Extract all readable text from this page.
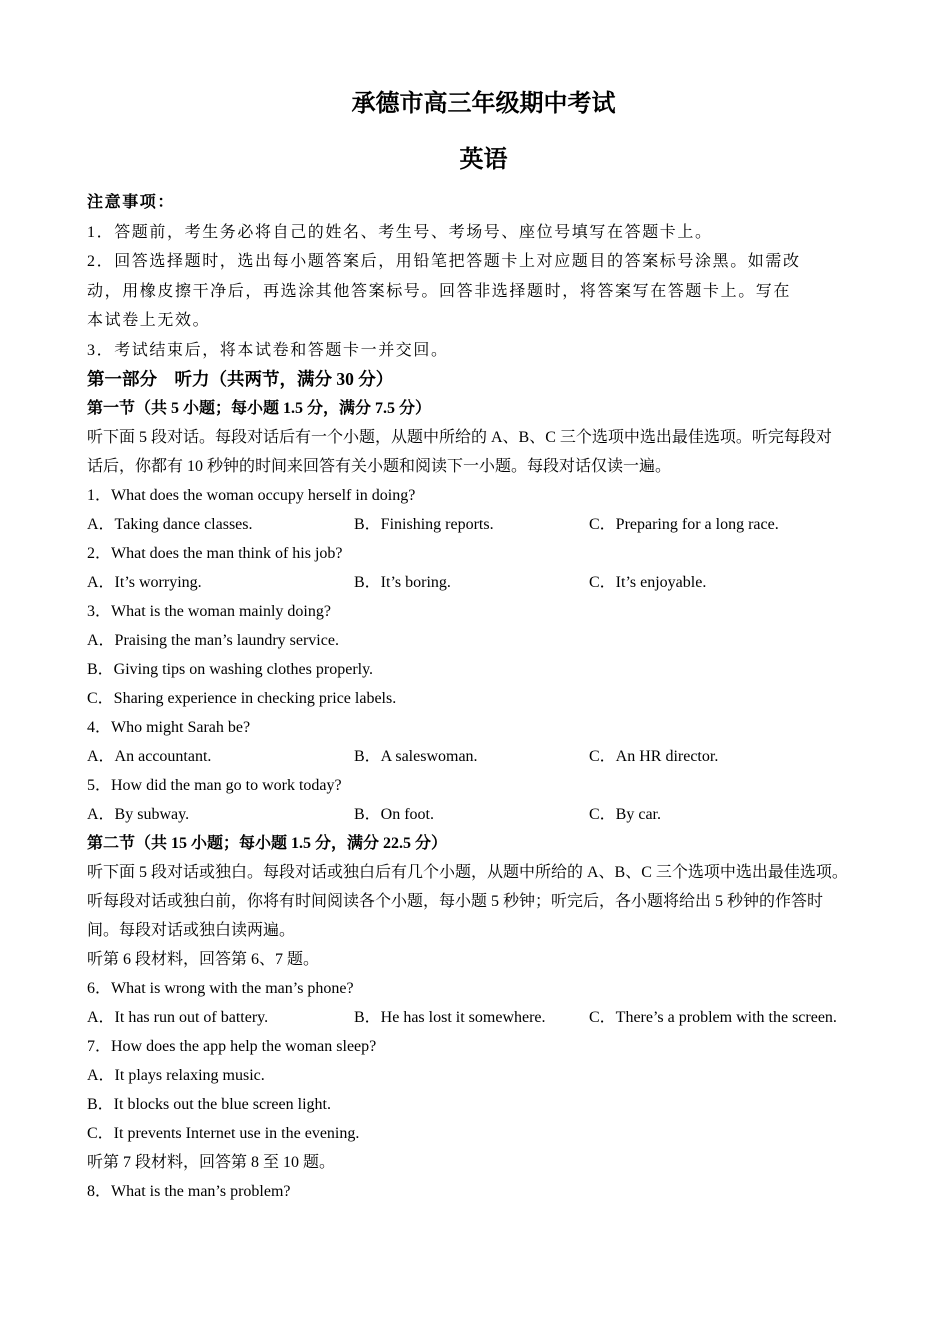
承德市高三年级期中考试
英语
注意事项：
1．答题前，考生务必将自己的姓名、考生号、考场号、座位号填写在答题卡上。
2．回答选择题时，选出每小题答案后，用铅笔把答题卡上对应题目的答案标号涂黑。如需改
动，用橡皮擦干净后，再选涂其他答案标号。回答非选择题时，将答案写在答题卡上。写在
本试卷上无效。
3．考试结束后，将本试卷和答题卡一并交回。
第一部分　听力（共两节，满分 30 分）
第一节（共 5 小题；每小题 1.5 分，满分 7.5 分）
听下面 5 段对话。每段对话后有一个小题，从题中所给的 A、B、C 三个选项中选出最佳选项。听完每段对
话后，你都有 10 秒钟的时间来回答有关小题和阅读下一小题。每段对话仅读一遍。
1．What does the woman occupy herself in doing?
A．Taking dance classes.	B．Finishing reports.	C．Preparing for a long race.
2．What does the man think of his job?
A．It’s worrying.	B．It’s boring.	C．It’s enjoyable.
3．What is the woman mainly doing?
A．Praising the man’s laundry service.
B．Giving tips on washing clothes properly.
C．Sharing experience in checking price labels.
4．Who might Sarah be?
A．An accountant.	B．A saleswoman.	C．An HR director.
5．How did the man go to work today?
A．By subway.	B．On foot.	C．By car.
第二节（共 15 小题；每小题 1.5 分，满分 22.5 分）
听下面 5 段对话或独白。每段对话或独白后有几个小题，从题中所给的 A、B、C 三个选项中选出最佳选项。
听每段对话或独白前，你将有时间阅读各个小题，每小题 5 秒钟；听完后，各小题将给出 5 秒钟的作答时
间。每段对话或独白读两遍。
听第 6 段材料，回答第 6、7 题。
6．What is wrong with the man’s phone?
A．It has run out of battery.	B．He has lost it somewhere.	C．There’s a problem with the screen.
7．How does the app help the woman sleep?
A．It plays relaxing music.
B．It blocks out the blue screen light.
C．It prevents Internet use in the evening.
听第 7 段材料，回答第 8 至 10 题。
8．What is the man’s problem?
